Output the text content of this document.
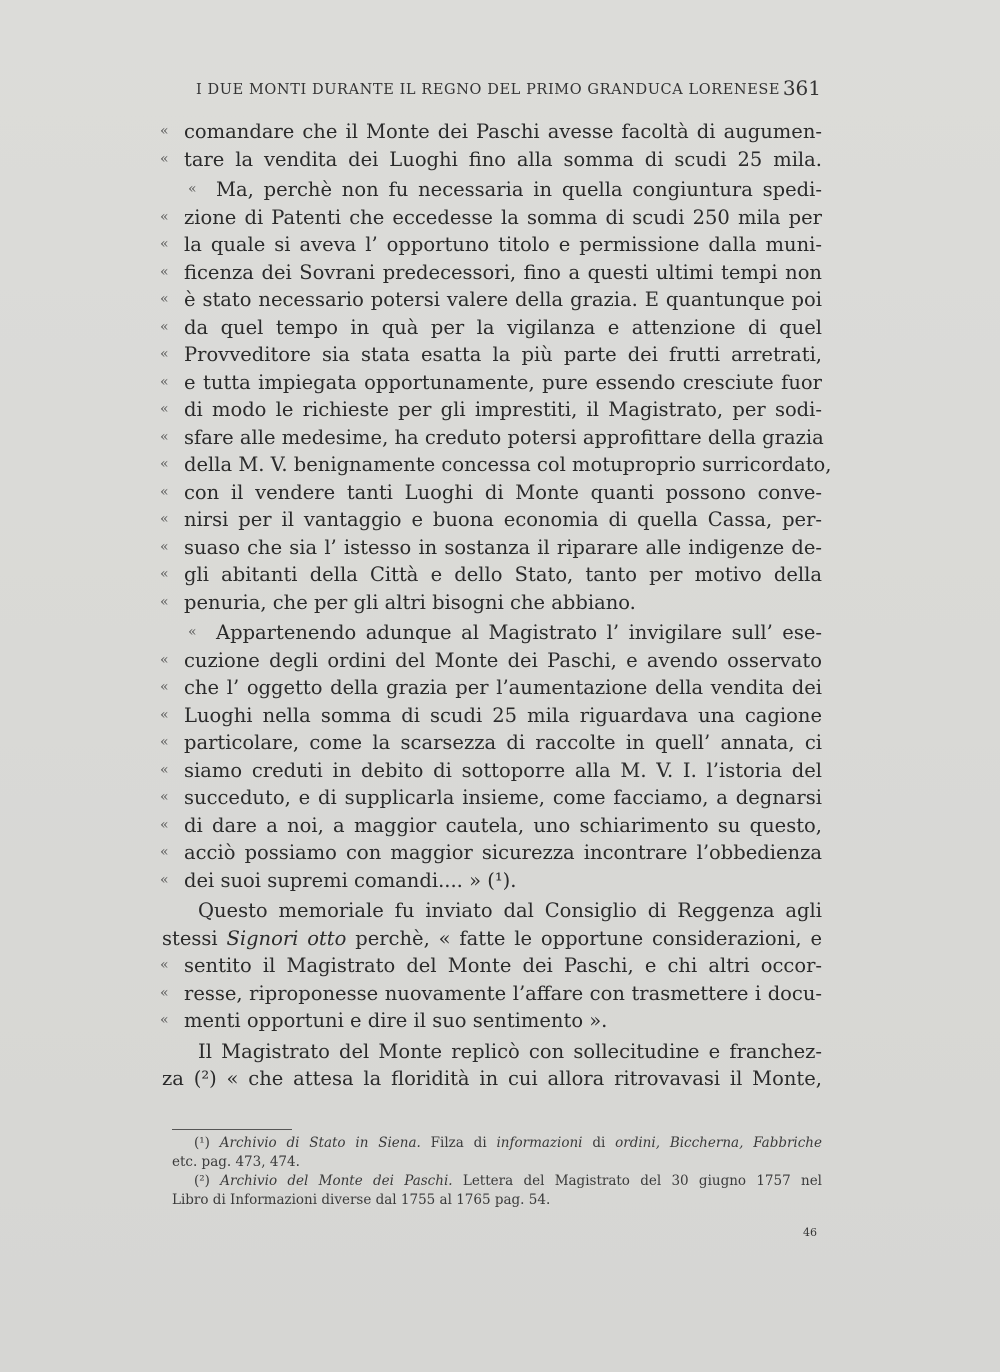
I DUE MONTI DURANTE IL REGNO DEL PRIMO GRANDUCA LORENESE 361
« comandare che il Monte dei Paschi avesse facoltà di augumen-
« tare la vendita dei Luoghi fino alla somma di scudi 25 mila.
« Ma, perchè non fu necessaria in quella congiuntura spedi-
« zione di Patenti che eccedesse la somma di scudi 250 mila per
« la quale si aveva l’ opportuno titolo e permissione dalla muni-
« ficenza dei Sovrani predecessori, fino a questi ultimi tempi non
« è stato necessario potersi valere della grazia. E quantunque poi
« da quel tempo in quà per la vigilanza e attenzione di quel
« Provveditore sia stata esatta la più parte dei frutti arretrati,
« e tutta impiegata opportunamente, pure essendo cresciute fuor
« di modo le richieste per gli imprestiti, il Magistrato, per sodi-
« sfare alle medesime, ha creduto potersi approfittare della grazia
« della M. V. benignamente concessa col motuproprio surricordato,
« con il vendere tanti Luoghi di Monte quanti possono conve-
« nirsi per il vantaggio e buona economia di quella Cassa, per-
« suaso che sia l’ istesso in sostanza il riparare alle indigenze de-
« gli abitanti della Città e dello Stato, tanto per motivo della
« penuria, che per gli altri bisogni che abbiano.
« Appartenendo adunque al Magistrato l’ invigilare sull’ ese-
« cuzione degli ordini del Monte dei Paschi, e avendo osservato
« che l’ oggetto della grazia per l’aumentazione della vendita dei
« Luoghi nella somma di scudi 25 mila riguardava una cagione
« particolare, come la scarsezza di raccolte in quell’ annata, ci
« siamo creduti in debito di sottoporre alla M. V. I. l’istoria del
« succeduto, e di supplicarla insieme, come facciamo, a degnarsi
« di dare a noi, a maggior cautela, uno schiarimento su questo,
« acciò possiamo con maggior sicurezza incontrare l’obbedienza
« dei suoi supremi comandi.... » (¹).
Questo memoriale fu inviato dal Consiglio di Reggenza agli
stessi Signori otto perchè, « fatte le opportune considerazioni, e
« sentito il Magistrato del Monte dei Paschi, e chi altri occor-
« resse, riproponesse nuovamente l’affare con trasmettere i docu-
« menti opportuni e dire il suo sentimento ».
Il Magistrato del Monte replicò con sollecitudine e franchez-
za (²) « che attesa la floridità in cui allora ritrovavasi il Monte,
(¹) Archivio di Stato in Siena. Filza di informazioni di ordini, Biccherna, Fabbriche
etc. pag. 473, 474.
(²) Archivio del Monte dei Paschi. Lettera del Magistrato del 30 giugno 1757 nel
Libro di Informazioni diverse dal 1755 al 1765 pag. 54.
46
